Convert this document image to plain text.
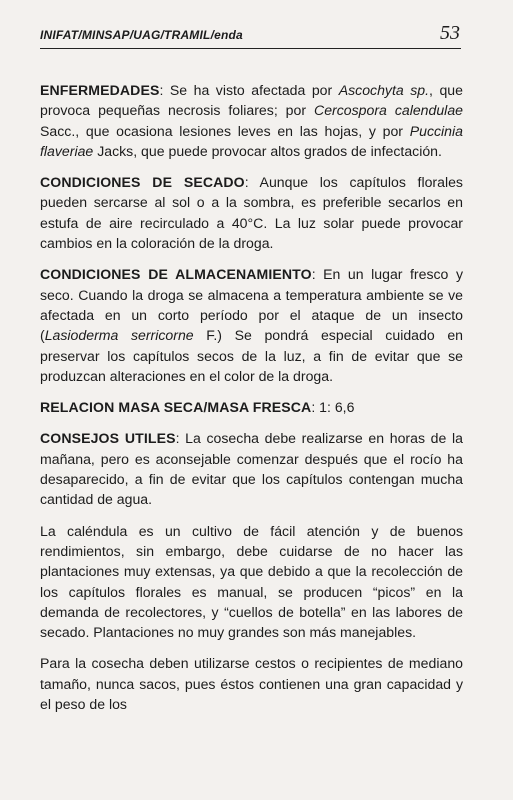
INIFAT/MINSAP/UAG/TRAMIL/enda	53

ENFERMEDADES: Se ha visto afectada por Ascochyta sp., que provoca pequeñas necrosis foliares; por Cercospora calendulae Sacc., que ocasiona lesiones leves en las hojas, y por Puccinia flaveriae Jacks, que puede provocar altos grados de infectación.

CONDICIONES DE SECADO: Aunque los capítulos florales pueden sercarse al sol o a la sombra, es preferible secarlos en estufa de aire recirculado a 40°C. La luz solar puede provocar cambios en la coloración de la droga.

CONDICIONES DE ALMACENAMIENTO: En un lugar fresco y seco. Cuando la droga se almacena a temperatura ambiente se ve afectada en un corto período por el ataque de un insecto (Lasioderma serricorne F.) Se pondrá especial cuidado en preservar los capítulos secos de la luz, a fin de evitar que se produzcan alteraciones en el color de la droga.

RELACION MASA SECA/MASA FRESCA: 1: 6,6

CONSEJOS UTILES: La cosecha debe realizarse en horas de la mañana, pero es aconsejable comenzar después que el rocío ha desaparecido, a fin de evitar que los capítulos contengan mucha cantidad de agua.

La caléndula es un cultivo de fácil atención y de buenos rendimientos, sin embargo, debe cuidarse de no hacer las plantaciones muy extensas, ya que debido a que la recolección de los capítulos florales es manual, se producen “picos” en la demanda de recolectores, y “cuellos de botella” en las labores de secado. Plantaciones no muy grandes son más manejables.

Para la cosecha deben utilizarse cestos o recipientes de mediano tamaño, nunca sacos, pues éstos contienen una gran capacidad y el peso de los
